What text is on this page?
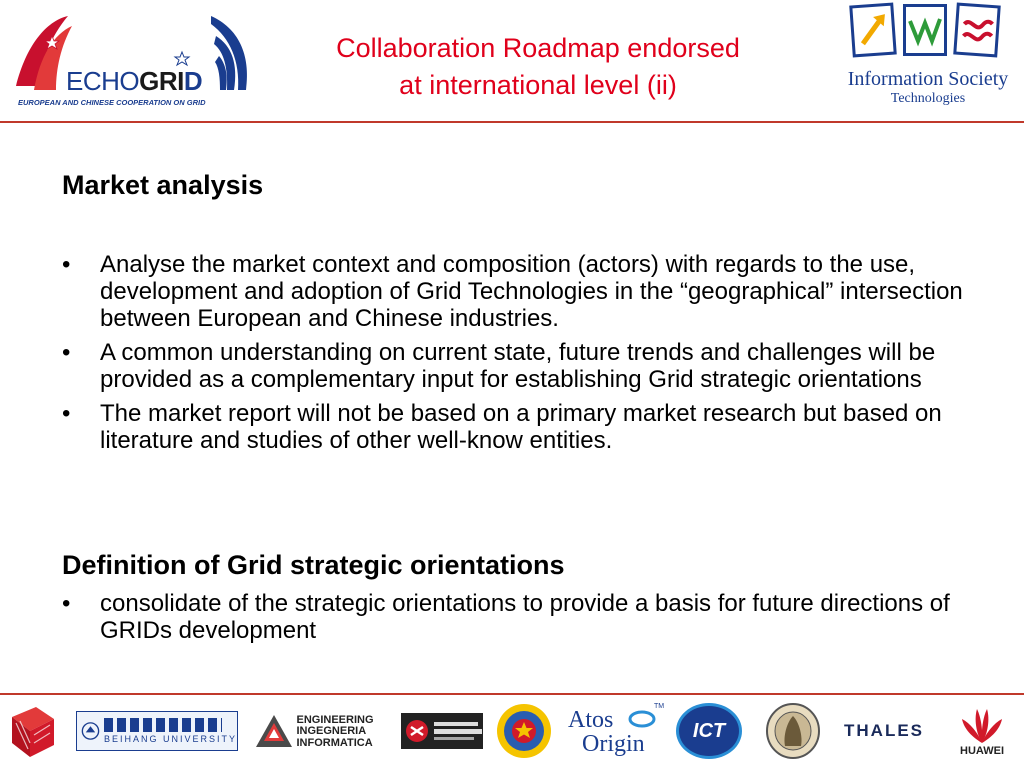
ECHOGRID
EUROPEAN AND CHINESE COOPERATION ON GRID
Collaboration Roadmap endorsed
at international level (ii)	Information Society
Technologies
Market analysis
• Analyse the market context and composition (actors) with regards to the use, development and adoption of Grid Technologies in the “geographical” intersection between European and Chinese industries.
• A common understanding on current state, future trends and challenges will be provided as a complementary input for establishing Grid strategic orientations
• The market report will not be based on a primary market research but based on literature and studies of other well-know entities.
Definition of Grid strategic orientations
• consolidate of the strategic orientations to provide a basis for future directions of GRIDs development
BEIHANG UNIVERSITY
ENGINEERING
INGEGNERIA
INFORMATICA
Atos
Origin
TM
ICT	THALES
HUAWEI
